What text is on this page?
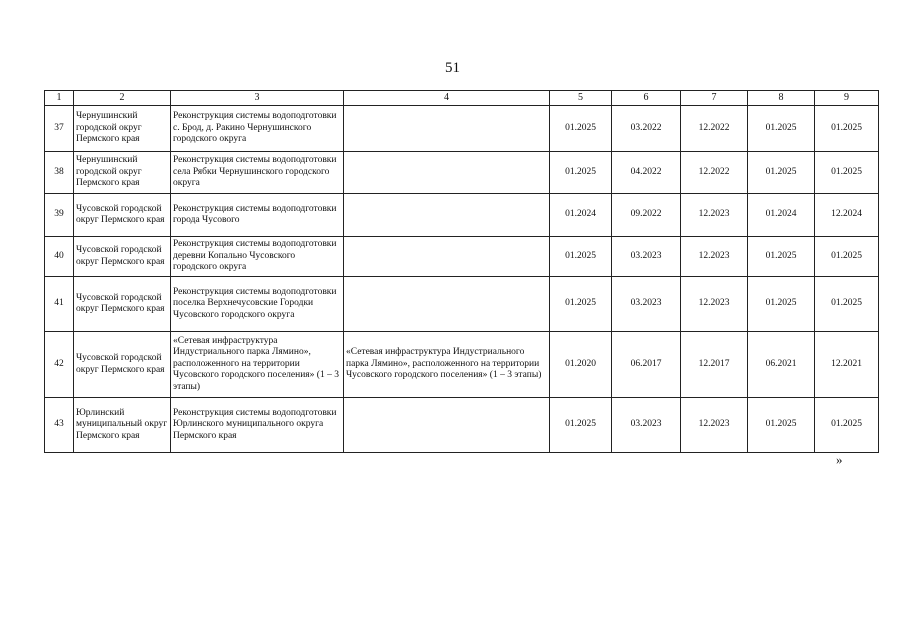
51
1	2	3	4	5	6	7	8	9
37	Чернушинский городской округ Пермского края	Реконструкция системы водоподготовки с. Брод, д. Ракино Чернушинского городского округа		01.2025	03.2022	12.2022	01.2025	01.2025
38	Чернушинский городской округ Пермского края	Реконструкция системы водоподготовки села Рябки Чернушинского городского округа		01.2025	04.2022	12.2022	01.2025	01.2025
39	Чусовской городской округ Пермского края	Реконструкция системы водоподготовки города Чусового		01.2024	09.2022	12.2023	01.2024	12.2024
40	Чусовской городской округ Пермского края	Реконструкция системы водоподготовки деревни Копально Чусовского городского округа		01.2025	03.2023	12.2023	01.2025	01.2025
41	Чусовской городской округ Пермского края	Реконструкция системы водоподготовки поселка Верхнечусовские Городки Чусовского городского округа		01.2025	03.2023	12.2023	01.2025	01.2025
42	Чусовской городской округ Пермского края	«Сетевая инфраструктура Индустриального парка Лямино», расположенного на территории Чусовского городского поселения» (1 – 3 этапы)	«Сетевая инфраструктура Индустриального парка Лямино», расположенного на территории Чусовского городского поселения» (1 – 3 этапы)	01.2020	06.2017	12.2017	06.2021	12.2021
43	Юрлинский муниципальный округ Пермского края	Реконструкция системы водоподготовки Юрлинского муниципального округа Пермского края		01.2025	03.2023	12.2023	01.2025	01.2025
»
